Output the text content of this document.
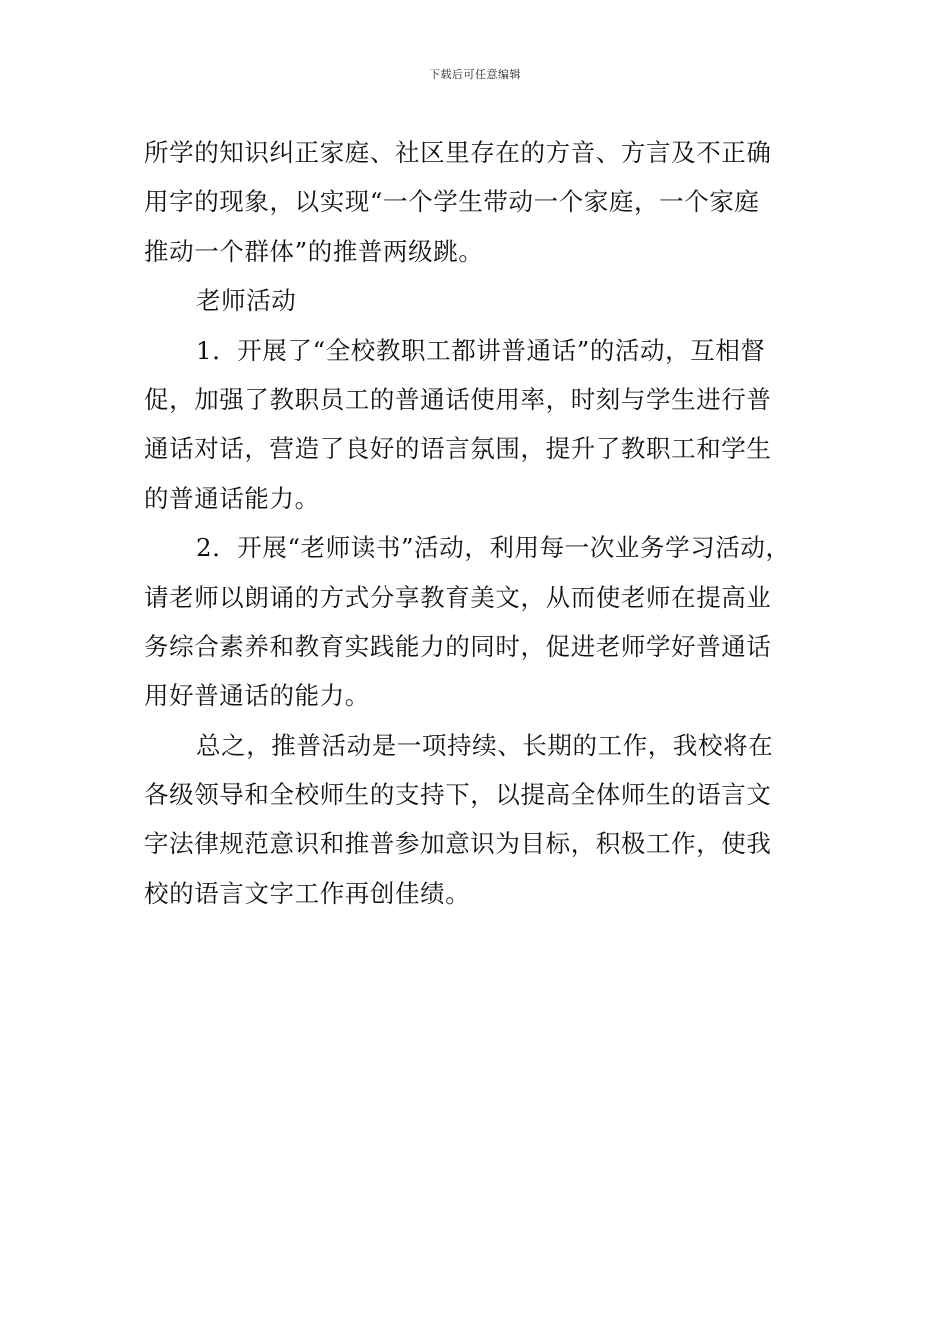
下载后可任意编辑
所学的知识纠正家庭、社区里存在的方音、方言及不正确
用字的现象，以实现“一个学生带动一个家庭，一个家庭
推动一个群体”的推普两级跳。
老师活动
1．开展了“全校教职工都讲普通话”的活动，互相督
促，加强了教职员工的普通话使用率，时刻与学生进行普
通话对话，营造了良好的语言氛围，提升了教职工和学生
的普通话能力。
2．开展“老师读书”活动，利用每一次业务学习活动，
请老师以朗诵的方式分享教育美文，从而使老师在提高业
务综合素养和教育实践能力的同时，促进老师学好普通话
用好普通话的能力。
总之，推普活动是一项持续、长期的工作，我校将在
各级领导和全校师生的支持下，以提高全体师生的语言文
字法律规范意识和推普参加意识为目标，积极工作，使我
校的语言文字工作再创佳绩。
